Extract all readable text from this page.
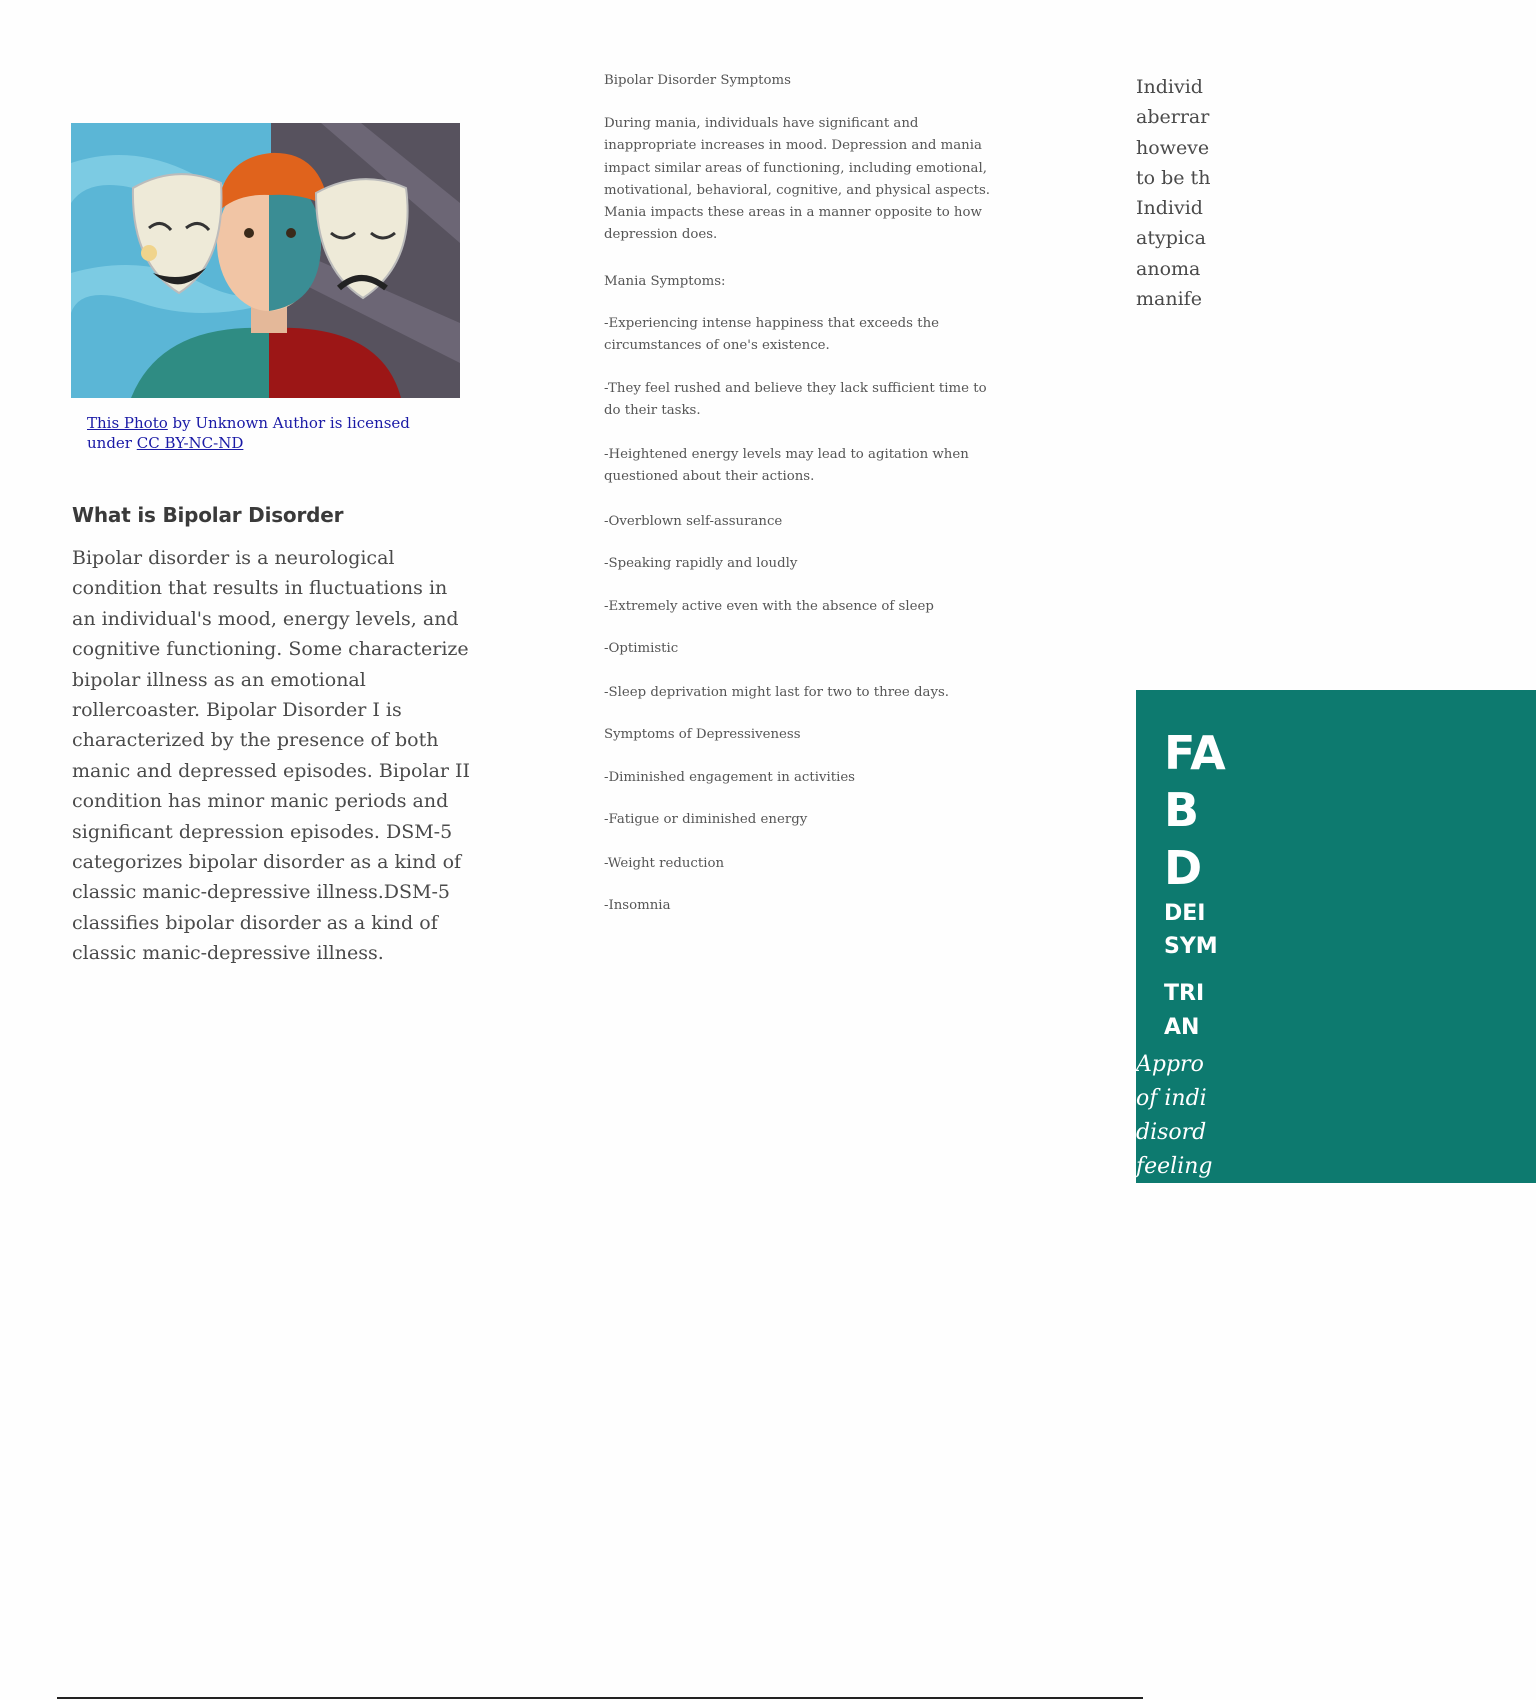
This Photo by Unknown Author is licensed under CC BY-NC-ND
What is Bipolar Disorder
Bipolar disorder is a neurological condition that results in fluctuations in an individual's mood, energy levels, and cognitive functioning. Some characterize bipolar illness as an emotional rollercoaster. Bipolar Disorder I is characterized by the presence of both manic and depressed episodes. Bipolar II condition has minor manic periods and significant depression episodes. DSM-5 categorizes bipolar disorder as a kind of classic manic-depressive illness.DSM-5 classifies bipolar disorder as a kind of classic manic-depressive illness.
Bipolar Disorder Symptoms
During mania, individuals have significant and inappropriate increases in mood. Depression and mania impact similar areas of functioning, including emotional, motivational, behavioral, cognitive, and physical aspects. Mania impacts these areas in a manner opposite to how depression does.
Mania Symptoms:
-Experiencing intense happiness that exceeds the circumstances of one's existence.
-They feel rushed and believe they lack sufficient time to do their tasks.
-Heightened energy levels may lead to agitation when questioned about their actions.
-Overblown self-assurance
-Speaking rapidly and loudly
-Extremely active even with the absence of sleep
-Optimistic
-Sleep deprivation might last for two to three days.
Symptoms of Depressiveness
-Diminished engagement in activities
-Fatigue or diminished energy
-Weight reduction
-Insomnia
Individ
aberrar
howeve
to be th
Individ
atypica
anoma
manife
FA
B
D
DEI
SYM
TRI
AN
Appro
of indi
disord
feeling
